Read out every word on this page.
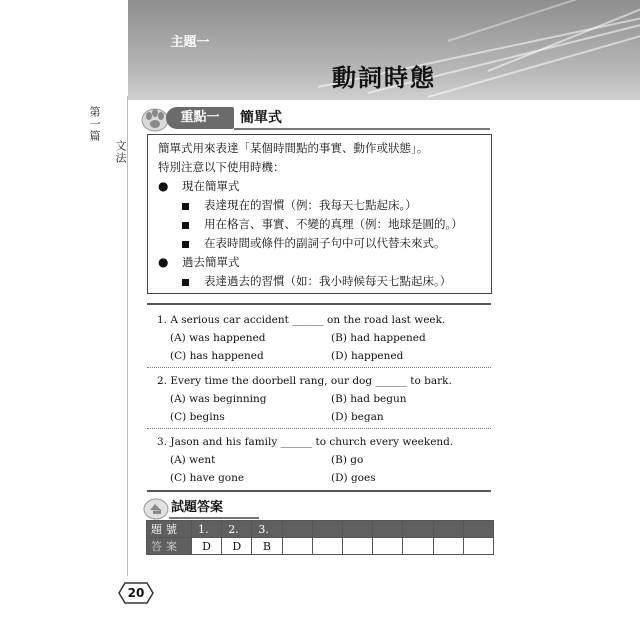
主題一
動詞時態
第一篇
文法
重點一	簡單式
簡單式用來表達「某個時間點的事實、動作或狀態」。
特別注意以下使用時機：
● 現在簡單式
表達現在的習慣（例：我每天七點起床。）
用在格言、事實、不變的真理（例：地球是圓的。）
在表時間或條件的副詞子句中可以代替未來式。
● 過去簡單式
表達過去的習慣（如：我小時候每天七點起床。）
1. A serious car accident ______ on the road last week.
(A) was happened	(B) had happened
(C) has happened	(D) happened
2. Every time the doorbell rang, our dog ______ to bark.
(A) was beginning	(B) had begun
(C) begins	(D) began
3. Jason and his family ______ to church every weekend.
(A) went	(B) go
(C) have gone	(D) goes
試題答案
題號	1.	2.	3.							
答案	D	D	B							
20
